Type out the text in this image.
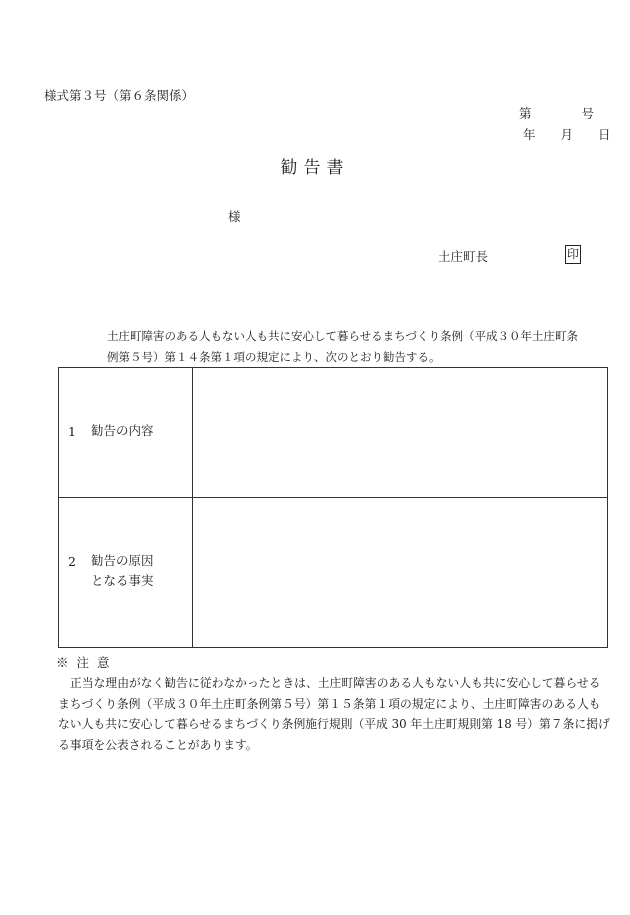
様式第３号（第６条関係）
第　　　　号
年　　月　　日
勧告書
様
土庄町長	印
土庄町障害のある人もない人も共に安心して暮らせるまちづくり条例（平成３０年土庄町条例第５号）第１４条第１項の規定により、次のとおり勧告する。
1 勧告の内容
2 勧告の原因
となる事実
※ 注 意
正当な理由がなく勧告に従わなかったときは、土庄町障害のある人もない人も共に安心して暮らせるまちづくり条例（平成３０年土庄町条例第５号）第１５条第１項の規定により、土庄町障害のある人もない人も共に安心して暮らせるまちづくり条例施行規則（平成 30 年土庄町規則第 18 号）第７条に掲げる事項を公表されることがあります。
